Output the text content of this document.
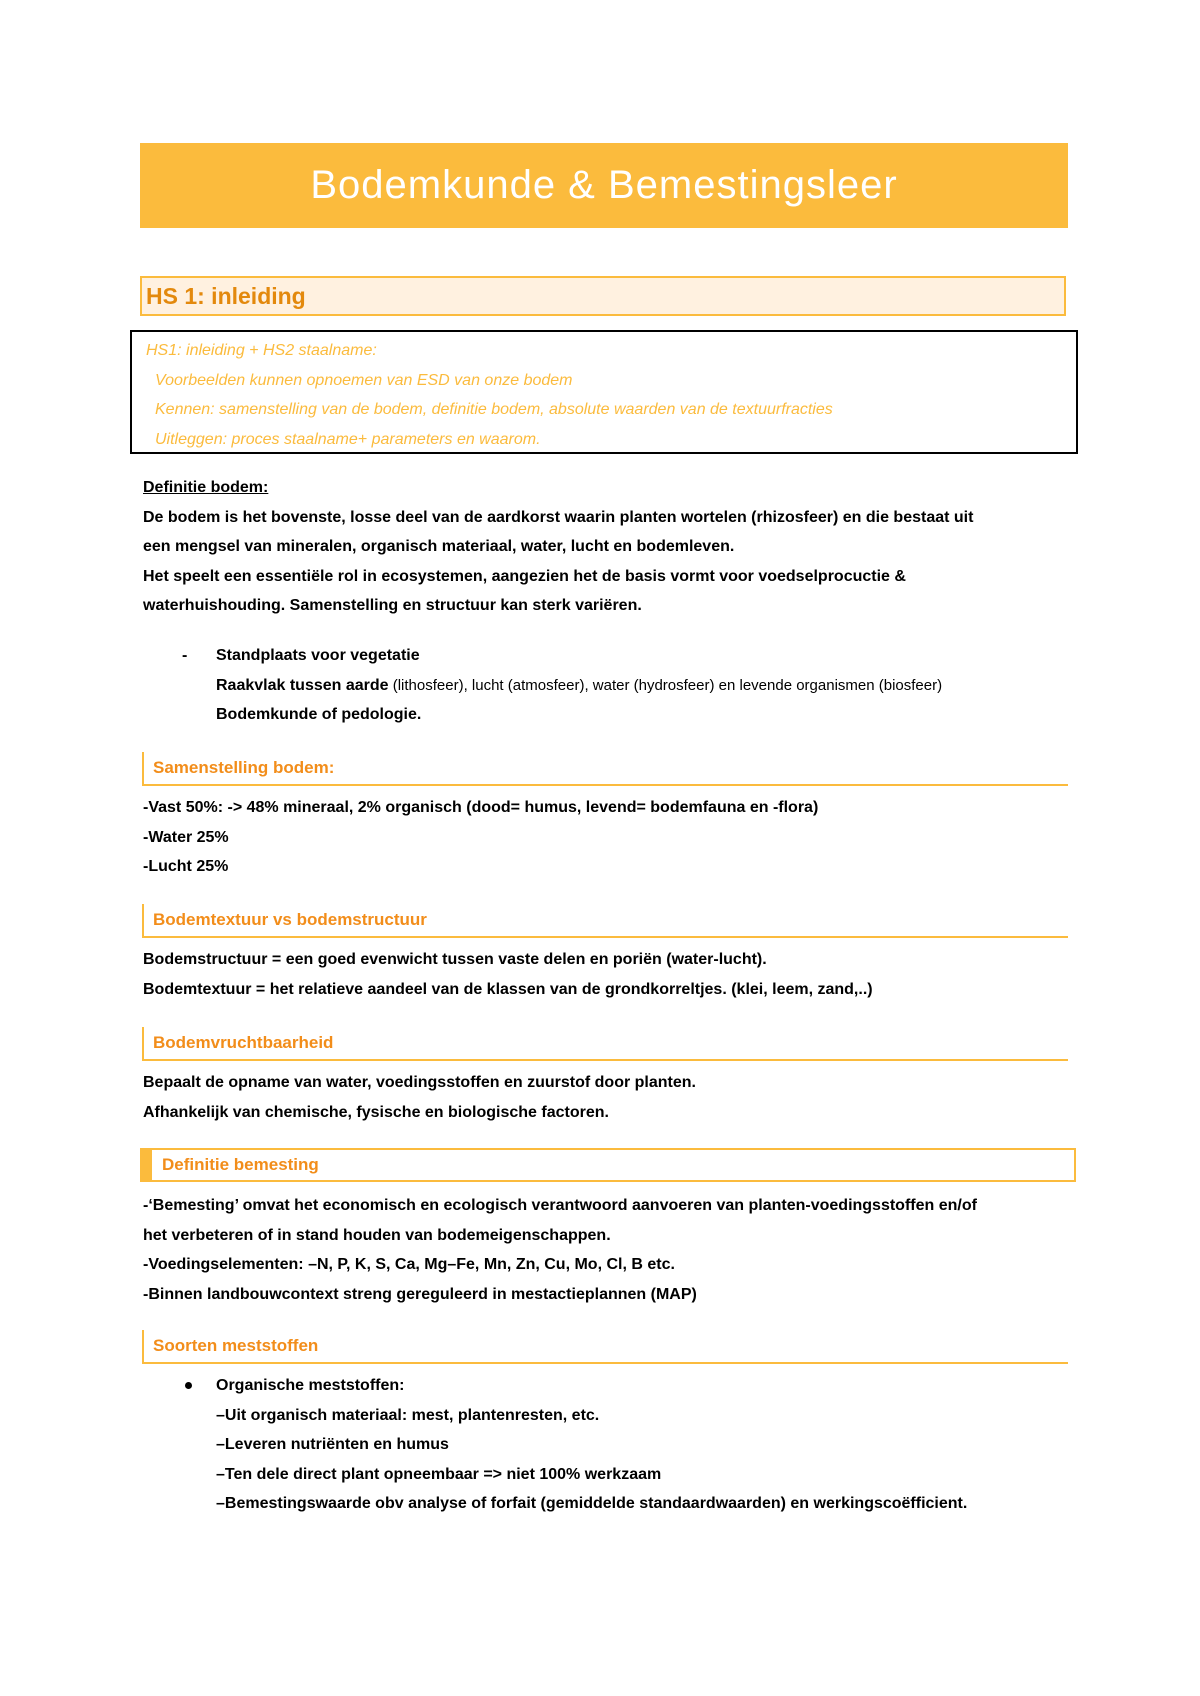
Bodemkunde & Bemestingsleer
HS 1: inleiding
HS1: inleiding + HS2 staalname:
Voorbeelden kunnen opnoemen van ESD van onze bodem
Kennen: samenstelling van de bodem, definitie bodem, absolute waarden van de textuurfracties
Uitleggen: proces staalname+ parameters en waarom.
Definitie bodem:
De bodem is het bovenste, losse deel van de aardkorst waarin planten wortelen (rhizosfeer) en die bestaat uit
een mengsel van mineralen, organisch materiaal, water, lucht en bodemleven.
Het speelt een essentiële rol in ecosystemen, aangezien het de basis vormt voor voedselprocuctie &
waterhuishouding. Samenstelling en structuur kan sterk variëren.
- Standplaats voor vegetatie
Raakvlak tussen aarde (lithosfeer), lucht (atmosfeer), water (hydrosfeer) en levende organismen (biosfeer)
Bodemkunde of pedologie.
Samenstelling bodem:
-Vast 50%: -> 48% mineraal, 2% organisch (dood= humus, levend= bodemfauna en -flora)
-Water 25%
-Lucht 25%
Bodemtextuur vs bodemstructuur
Bodemstructuur = een goed evenwicht tussen vaste delen en poriën (water-lucht).
Bodemtextuur = het relatieve aandeel van de klassen van de grondkorreltjes. (klei, leem, zand,..)
Bodemvruchtbaarheid
Bepaalt de opname van water, voedingsstoffen en zuurstof door planten.
Afhankelijk van chemische, fysische en biologische factoren.
Definitie bemesting
-‘Bemesting’ omvat het economisch en ecologisch verantwoord aanvoeren van planten-voedingsstoffen en/of
het verbeteren of in stand houden van bodemeigenschappen.
-Voedingselementen: –N, P, K, S, Ca, Mg–Fe, Mn, Zn, Cu, Mo, Cl, B etc.
-Binnen landbouwcontext streng gereguleerd in mestactieplannen (MAP)
Soorten meststoffen
Organische meststoffen:
–Uit organisch materiaal: mest, plantenresten, etc.
–Leveren nutriënten en humus
–Ten dele direct plant opneembaar => niet 100% werkzaam
–Bemestingswaarde obv analyse of forfait (gemiddelde standaardwaarden) en werkingscoëfficient.
